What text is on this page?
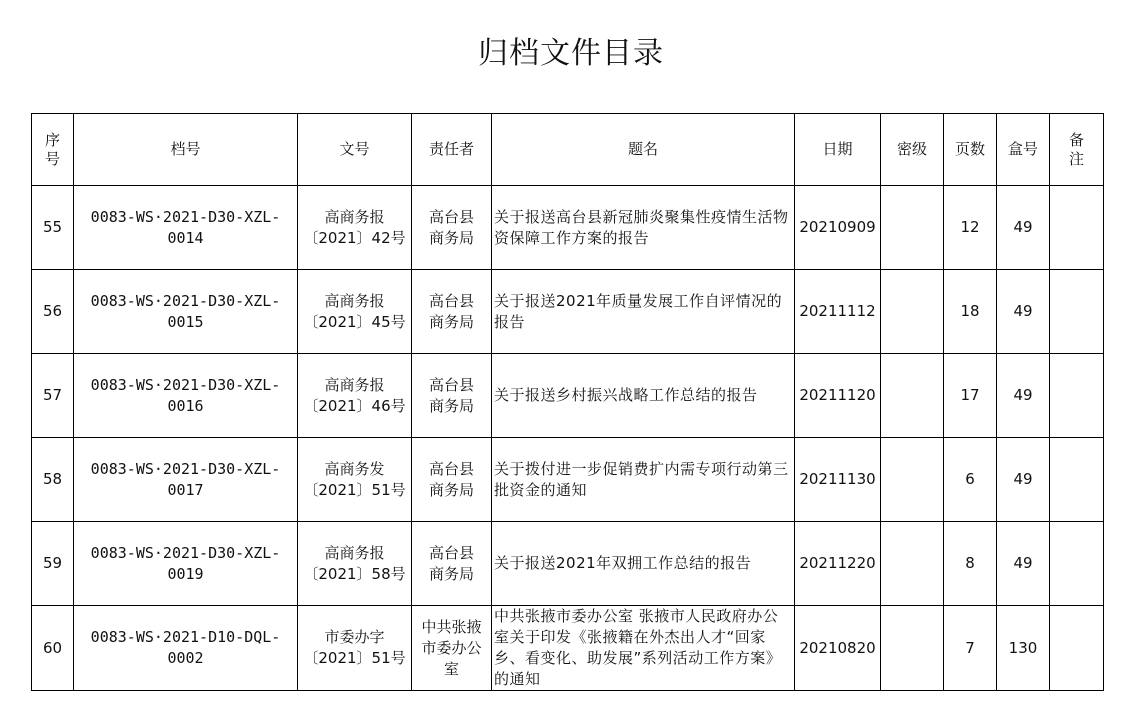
归档文件目录
序号	档号	文号	责任者	题名	日期	密级	页数	盒号	备注

55	0083-WS·2021-D30-XZL-0014	高商务报〔2021〕42号	高台县商务局	关于报送高台县新冠肺炎聚集性疫情生活物资保障工作方案的报告	20210909		12	49	
56	0083-WS·2021-D30-XZL-0015	高商务报〔2021〕45号	高台县商务局	关于报送2021年质量发展工作自评情况的报告	20211112		18	49	
57	0083-WS·2021-D30-XZL-0016	高商务报〔2021〕46号	高台县商务局	关于报送乡村振兴战略工作总结的报告	20211120		17	49	
58	0083-WS·2021-D30-XZL-0017	高商务发〔2021〕51号	高台县商务局	关于拨付进一步促销费扩内需专项行动第三批资金的通知	20211130		6	49	
59	0083-WS·2021-D30-XZL-0019	高商务报〔2021〕58号	高台县商务局	关于报送2021年双拥工作总结的报告	20211220		8	49	
60	0083-WS·2021-D10-DQL-0002	市委办字〔2021〕51号	中共张掖市委办公室	中共张掖市委办公室 张掖市人民政府办公室关于印发《张掖籍在外杰出人才“回家乡、看变化、助发展”系列活动工作方案》的通知	20210820		7	130	
